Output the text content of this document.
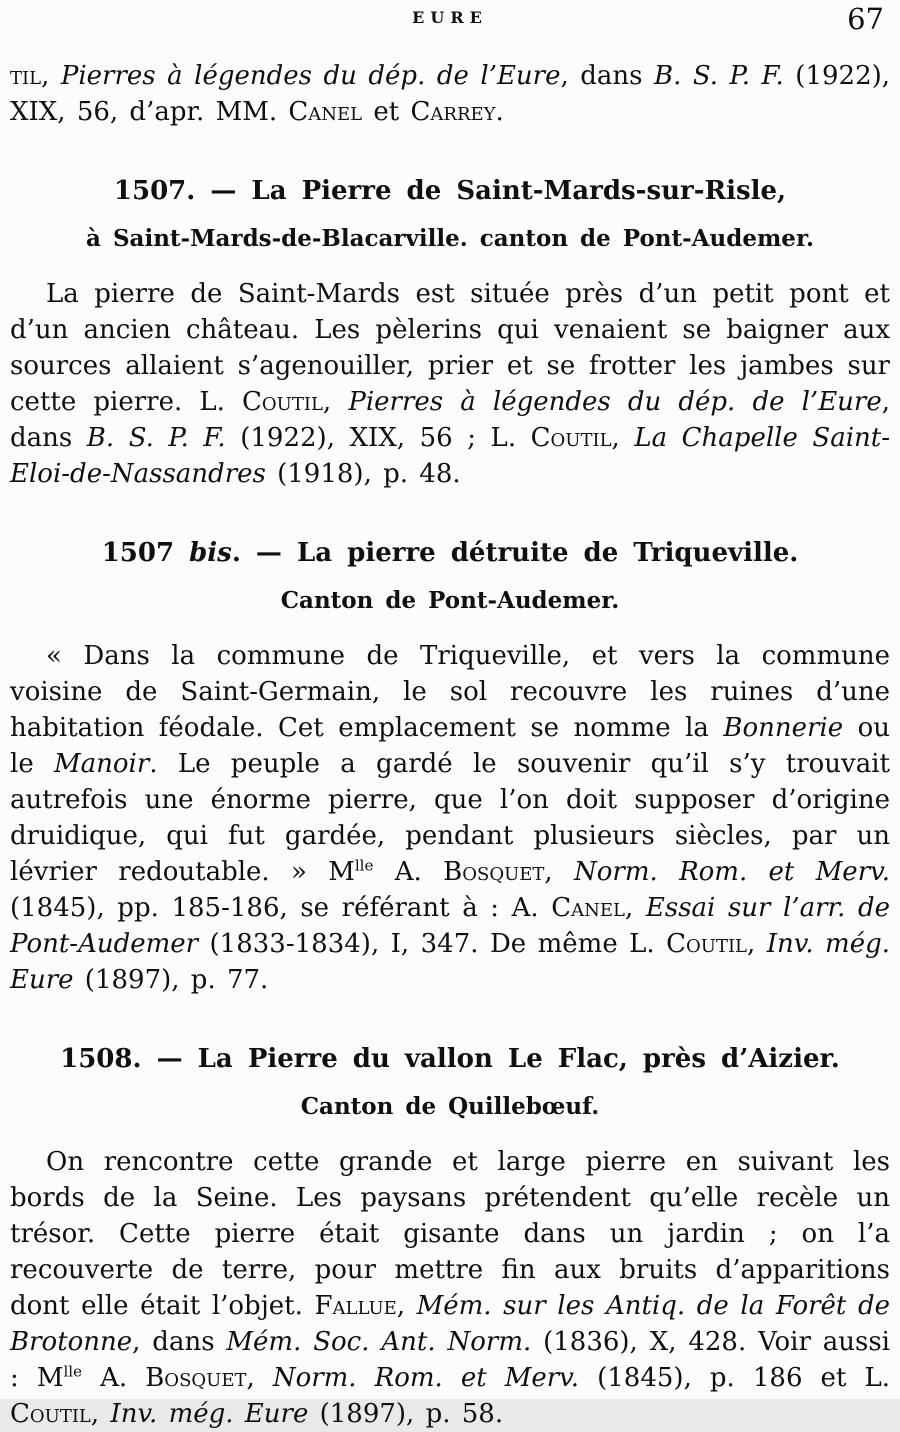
EURE	67

til, Pierres à légendes du dép. de l’Eure, dans B. S. P. F. (1922), XIX, 56, d’apr. MM. Canel et Carrey.

1507. — La Pierre de Saint-Mards-sur-Risle,
à Saint-Mards-de-Blacarville. canton de Pont-Audemer.

La pierre de Saint-Mards est située près d’un petit pont et d’un ancien château. Les pèlerins qui venaient se baigner aux sources allaient s’agenouiller, prier et se frotter les jambes sur cette pierre. L. Coutil, Pierres à légendes du dép. de l’Eure, dans B. S. P. F. (1922), XIX, 56 ; L. Coutil, La Chapelle Saint-Eloi-de-Nassandres (1918), p. 48.

1507 bis. — La pierre détruite de Triqueville.
Canton de Pont-Audemer.

« Dans la commune de Triqueville, et vers la commune voisine de Saint-Germain, le sol recouvre les ruines d’une habitation féodale. Cet emplacement se nomme la Bonnerie ou le Manoir. Le peuple a gardé le souvenir qu’il s’y trouvait autrefois une énorme pierre, que l’on doit supposer d’origine druidique, qui fut gardée, pendant plusieurs siècles, par un lévrier redoutable. » $M^{lle}$ A. Bosquet, Norm. Rom. et Merv. (1845), pp. 185-186, se référant à : A. Canel, Essai sur l’arr. de Pont-Audemer (1833-1834), I, 347. De même L. Coutil, Inv. még. Eure (1897), p. 77.

1508. — La Pierre du vallon Le Flac, près d’Aizier.
Canton de Quillebœuf.

On rencontre cette grande et large pierre en suivant les bords de la Seine. Les paysans prétendent qu’elle recèle un trésor. Cette pierre était gisante dans un jardin ; on l’a recouverte de terre, pour mettre fin aux bruits d’apparitions dont elle était l’objet. Fallue, Mém. sur les Antiq. de la Forêt de Brotonne, dans Mém. Soc. Ant. Norm. (1836), X, 428. Voir aussi : $M^{lle}$ A. Bosquet, Norm. Rom. et Merv. (1845), p. 186 et L. Coutil, Inv. még. Eure (1897), p. 58.
